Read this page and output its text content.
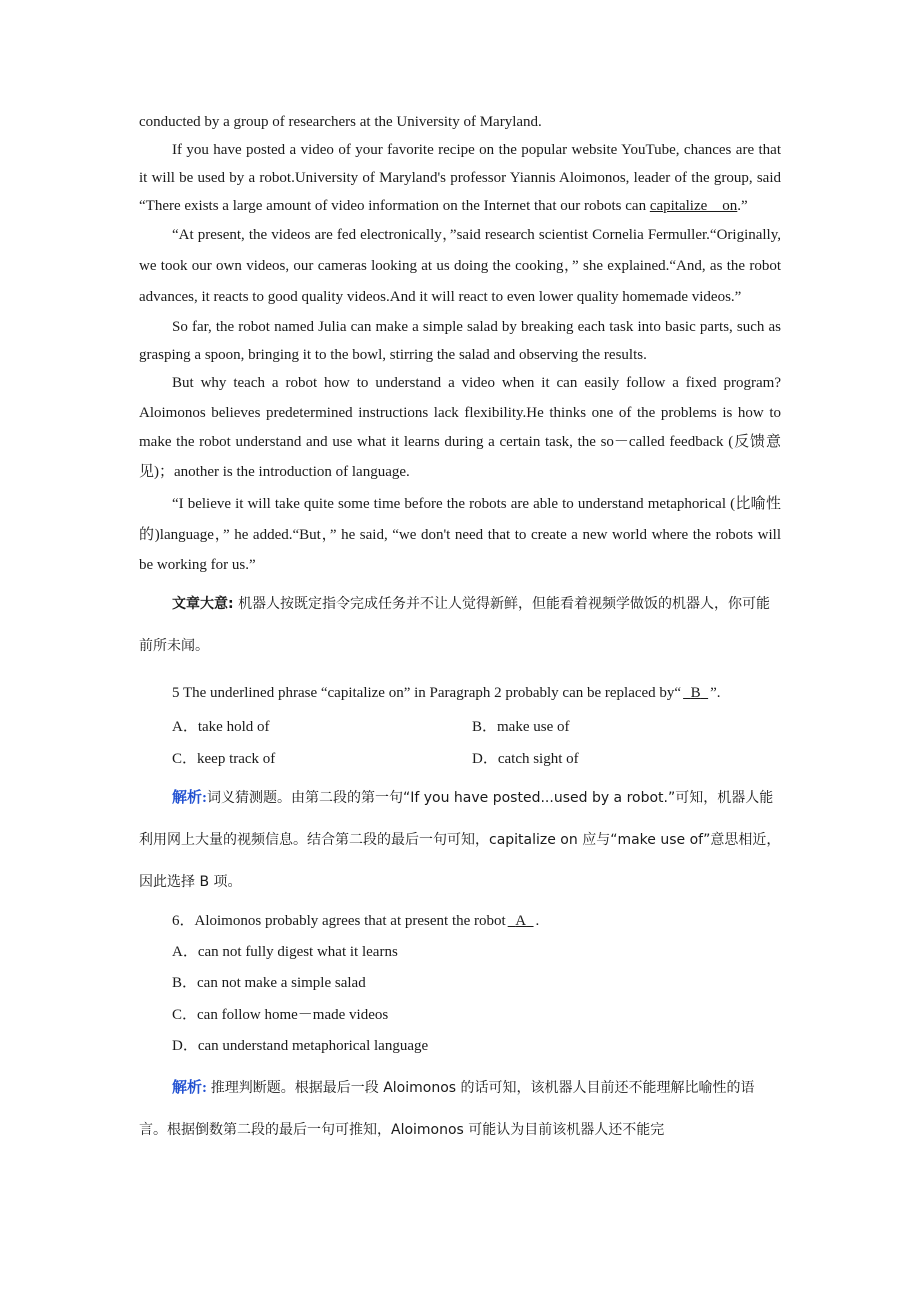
conducted by a group of researchers at the University of Maryland.

If you have posted a video of your favorite recipe on the popular website YouTube, chances are that it will be used by a robot.University of Maryland's professor Yiannis Aloimonos, leader of the group, said “There exists a large amount of video information on the Internet that our robots can capitalize    on.”

“At present, the videos are fed electronically，”said research scientist Cornelia Fermuller.“Originally, we took our own videos, our cameras looking at us doing the cooking，” she explained.“And, as the robot advances, it reacts to good quality videos.And it will react to even lower quality homemade videos.”

So far, the robot named Julia can make a simple salad by breaking each task into basic parts, such as grasping a spoon, bringing it to the bowl, stirring the salad and observing the results.

But why teach a robot how to understand a video when it can easily follow a fixed program? Aloimonos believes predetermined instructions lack flexibility.He thinks one of the problems is how to make the robot understand and use what it learns during a certain task, the so－called feedback (反馈意见)；another is the introduction of language.

“I believe it will take quite some time before the robots are able to understand metaphorical (比喻性的)language，” he added.“But，” he said, “we don't need that to create a new world where the robots will be working for us.”

文章大意: 机器人按既定指令完成任务并不让人觉得新鲜，但能看着视频学做饭的机器人，你可能前所未闻。

5 The underlined phrase “capitalize on” in Paragraph 2 probably can be replaced by“ B ”.

A．take hold of	B．make use of
C．keep track of	D．catch sight of

解析:词义猜测题。由第二段的第一句“If you have posted...used by a robot.”可知，机器人能利用网上大量的视频信息。结合第二段的最后一句可知，capitalize on 应与“make use of”意思相近，因此选择 B 项。

6．Aloimonos probably agrees that at present the robot A .

A．can not fully digest what it learns
B．can not make a simple salad
C．can follow home－made videos
D．can understand metaphorical language

解析: 推理判断题。根据最后一段 Aloimonos 的话可知，该机器人目前还不能理解比喻性的语言。根据倒数第二段的最后一句可推知，Aloimonos 可能认为目前该机器人还不能完
